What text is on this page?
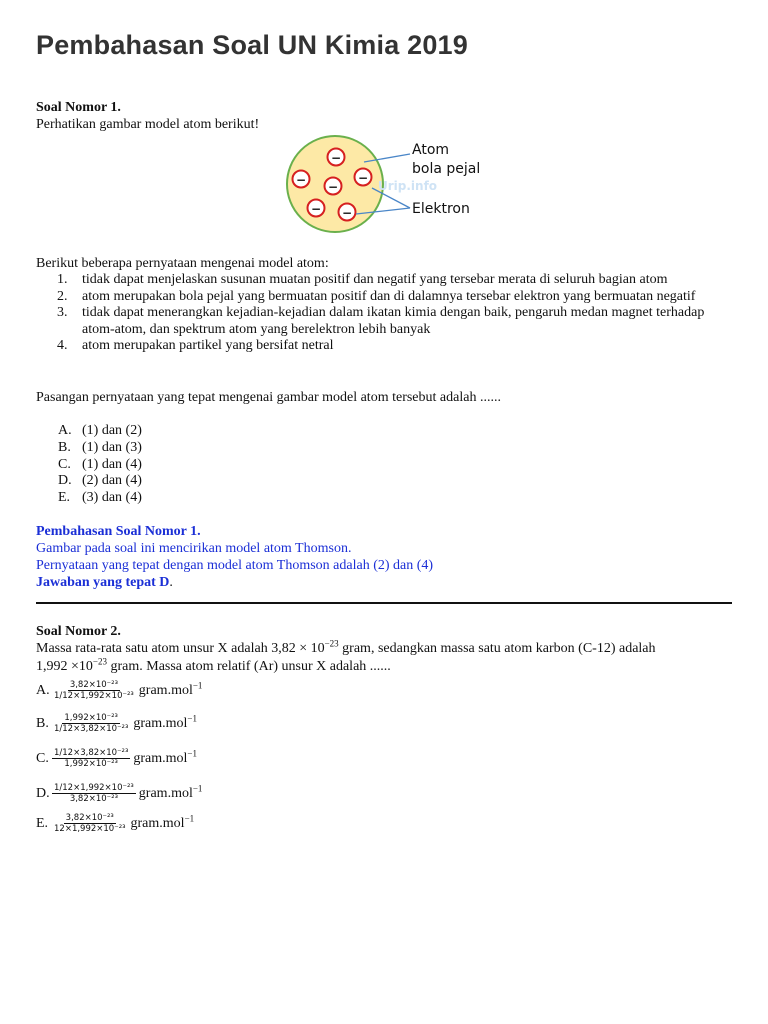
Pembahasan Soal UN Kimia 2019
Soal Nomor 1.
Perhatikan gambar model atom berikut!
Urip.info
−
− −
−
− −
Atom
bola pejal
Elektron
Berikut beberapa pernyataan mengenai model atom:
1. tidak dapat menjelaskan susunan muatan positif dan negatif yang tersebar merata di seluruh bagian atom
2. atom merupakan bola pejal yang bermuatan positif dan di dalamnya tersebar elektron yang bermuatan negatif
3. tidak dapat menerangkan kejadian-kejadian dalam ikatan kimia dengan baik, pengaruh medan magnet terhadap atom-atom, dan spektrum atom yang berelektron lebih banyak
4. atom merupakan partikel yang bersifat netral
Pasangan pernyataan yang tepat mengenai gambar model atom tersebut adalah ......
A. (1) dan (2)
B. (1) dan (3)
C. (1) dan (4)
D. (2) dan (4)
E. (3) dan (4)
Pembahasan Soal Nomor 1.
Gambar pada soal ini mencirikan model atom Thomson.
Pernyataan yang tepat dengan model atom Thomson adalah (2) dan (4)
Jawaban yang tepat D.
Soal Nomor 2.
Massa rata-rata satu atom unsur X adalah $3,82 \times 10^{-23}$ gram, sedangkan massa satu atom karbon (C-12) adalah
$1,992 \times 10^{-23}$ gram. Massa atom relatif (Ar) unsur X adalah ......
A. $\frac{\text{3,82×10⁻²³}}{\text{1/12×1,992×10⁻²³}}$ gram.mol$^{-1}$
B. $\frac{\text{1,992×10⁻²³}}{\text{1/12×3,82×10⁻²³}}$ gram.mol$^{-1}$
C. $\frac{\text{1/12×3,82×10⁻²³}}{\text{1,992×10⁻²³}}$ gram.mol$^{-1}$
D. $\frac{\text{1/12×1,992×10⁻²³}}{\text{3,82×10⁻²³}}$ gram.mol$^{-1}$
E. $\frac{\text{3,82×10⁻²³}}{\text{12×1,992×10⁻²³}}$ gram.mol$^{-1}$
